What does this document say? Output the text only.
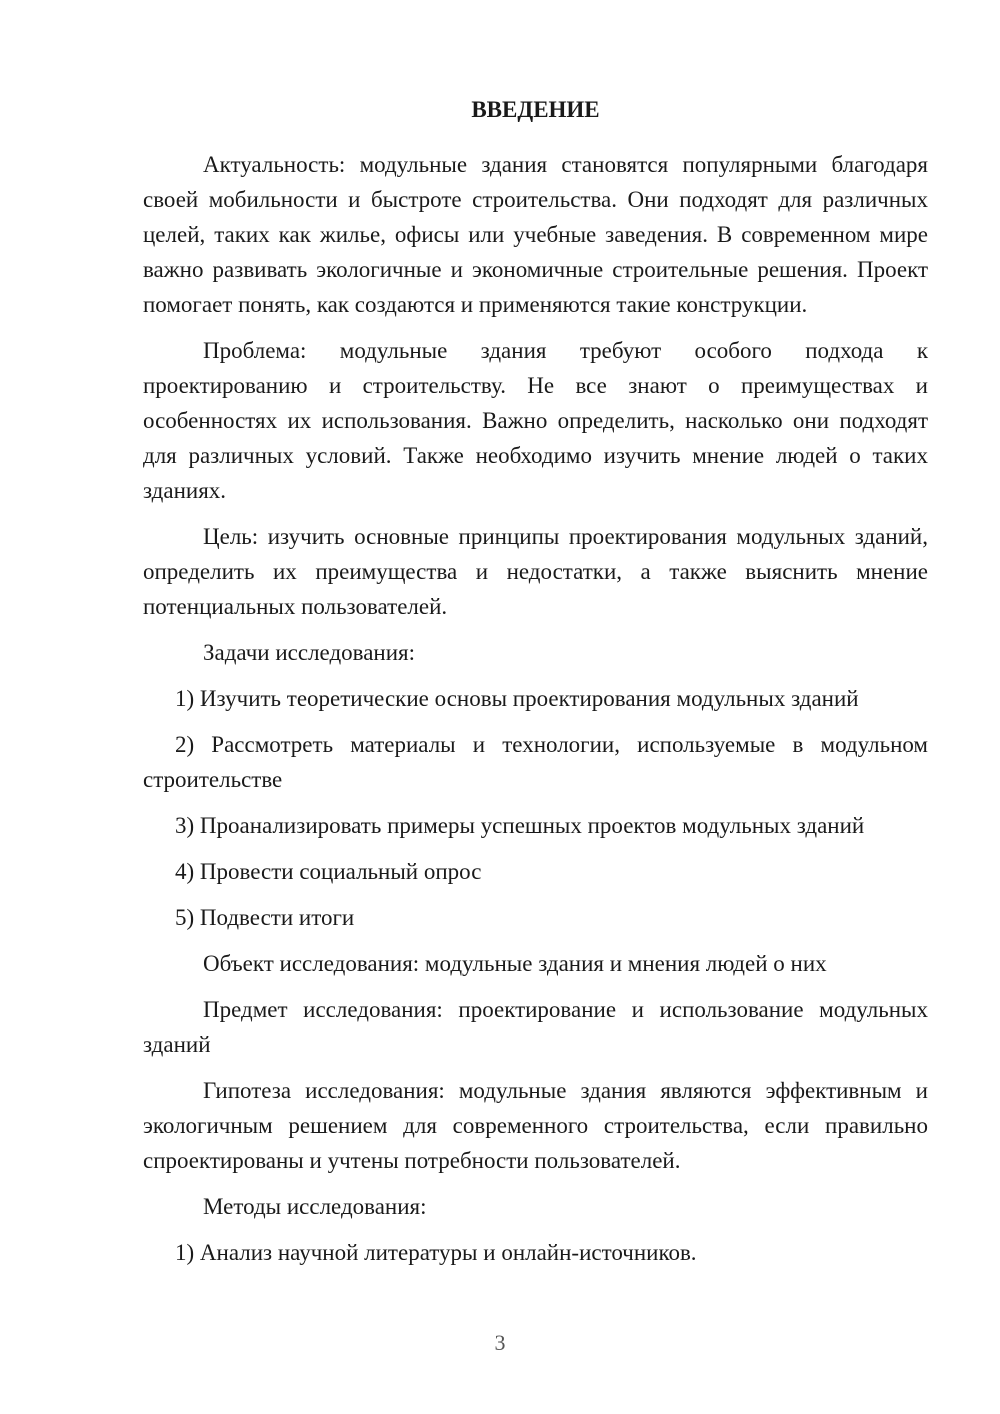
ВВЕДЕНИЕ

Актуальность: модульные здания становятся популярными благодаря своей мобильности и быстроте строительства. Они подходят для различных целей, таких как жилье, офисы или учебные заведения. В современном мире важно развивать экологичные и экономичные строительные решения. Проект помогает понять, как создаются и применяются такие конструкции.

Проблема: модульные здания требуют особого подхода к проектированию и строительству. Не все знают о преимуществах и особенностях их использования. Важно определить, насколько они подходят для различных условий. Также необходимо изучить мнение людей о таких зданиях.

Цель: изучить основные принципы проектирования модульных зданий, определить их преимущества и недостатки, а также выяснить мнение потенциальных пользователей.

Задачи исследования:

1) Изучить теоретические основы проектирования модульных зданий

2) Рассмотреть материалы и технологии, используемые в модульном строительстве

3) Проанализировать примеры успешных проектов модульных зданий

4) Провести социальный опрос

5) Подвести итоги

Объект исследования: модульные здания и мнения людей о них

Предмет исследования: проектирование и использование модульных зданий

Гипотеза исследования: модульные здания являются эффективным и экологичным решением для современного строительства, если правильно спроектированы и учтены потребности пользователей.

Методы исследования:

1) Анализ научной литературы и онлайн-источников.

3
